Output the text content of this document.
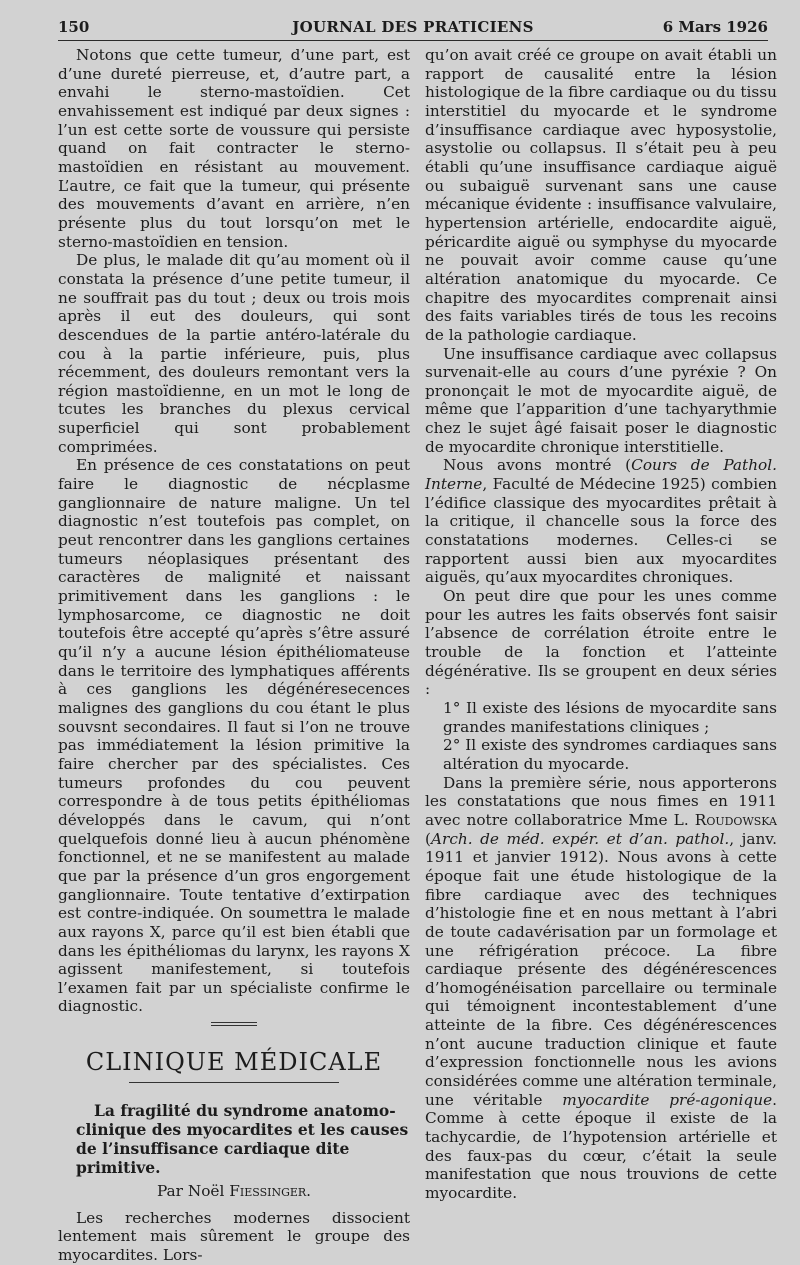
150	JOURNAL DES PRATICIENS	6 Mars 1926

Notons que cette tumeur, d’une part, est d’une dureté pierreuse, et, d’autre part, a envahi le sterno-mastoïdien. Cet envahissement est indiqué par deux signes : l’un est cette sorte de voussure qui persiste quand on fait contracter le sterno-mastoïdien en résistant au mouvement. L’autre, ce fait que la tumeur, qui présente des mouvements d’avant en arrière, n’en présente plus du tout lorsqu’on met le sterno-mastoïdien en tension.

De plus, le malade dit qu’au moment où il constata la présence d’une petite tumeur, il ne souffrait pas du tout ; deux ou trois mois après il eut des douleurs, qui sont descendues de la partie antéro-latérale du cou à la partie inférieure, puis, plus récemment, des douleurs remontant vers la région mastoïdienne, en un mot le long de tcutes les branches du plexus cervical superficiel qui sont probablement comprimées.

En présence de ces constatations on peut faire le diagnostic de nécplasme ganglionnaire de nature maligne. Un tel diagnostic n’est toutefois pas complet, on peut rencontrer dans les ganglions certaines tumeurs néoplasiques présentant des caractères de malignité et naissant primitivement dans les ganglions : le lymphosarcome, ce diagnostic ne doit toutefois être accepté qu’après s’être assuré qu’il n’y a aucune lésion épithéliomateuse dans le territoire des lymphatiques afférents à ces ganglions les dégénéresecences malignes des ganglions du cou étant le plus souvsnt secondaires. Il faut si l’on ne trouve pas immédiatement la lésion primitive la faire chercher par des spécialistes. Ces tumeurs profondes du cou peuvent correspondre à de tous petits épithéliomas développés dans le cavum, qui n’ont quelquefois donné lieu à aucun phénomène fonctionnel, et ne se manifestent au malade que par la présence d’un gros engorgement ganglionnaire. Toute tentative d’extirpation est contre-indiquée. On soumettra le malade aux rayons X, parce qu’il est bien établi que dans les épithéliomas du larynx, les rayons X agissent manifestement, si toutefois l’examen fait par un spécialiste confirme le diagnostic.

CLINIQUE MÉDICALE

La fragilité du syndrome anatomo-clinique des myocardites et les causes de l’insuffisance cardiaque dite primitive.

Par Noël Fiessinger.

Les recherches modernes dissocient lentement mais sûrement le groupe des myocardites. Lors-

qu’on avait créé ce groupe on avait établi un rapport de causalité entre la lésion histologique de la fibre cardiaque ou du tissu interstitiel du myocarde et le syndrome d’insuffisance cardiaque avec hyposystolie, asystolie ou collapsus. Il s’était peu à peu établi qu’une insuffisance cardiaque aiguë ou subaiguë survenant sans une cause mécanique évidente : insuffisance valvulaire, hypertension artérielle, endocardite aiguë, péricardite aiguë ou symphyse du myocarde ne pouvait avoir comme cause qu’une altération anatomique du myocarde. Ce chapitre des myocardites comprenait ainsi des faits variables tirés de tous les recoins de la pathologie cardiaque.

Une insuffisance cardiaque avec collapsus survenait-elle au cours d’une pyréxie ? On prononçait le mot de myocardite aiguë, de même que l’apparition d’une tachyarythmie chez le sujet âgé faisait poser le diagnostic de myocardite chronique interstitielle.

Nous avons montré (Cours de Pathol. Interne, Faculté de Médecine 1925) combien l’édifice classique des myocardites prêtait à la critique, il chancelle sous la force des constatations modernes. Celles-ci se rapportent aussi bien aux myocardites aiguës, qu’aux myocardites chroniques.

On peut dire que pour les unes comme pour les autres les faits observés font saisir l’absence de corrélation étroite entre le trouble de la fonction et l’atteinte dégénérative. Ils se groupent en deux séries :

1° Il existe des lésions de myocardite sans grandes manifestations cliniques ;

2° Il existe des syndromes cardiaques sans altération du myocarde.

Dans la première série, nous apporterons les constatations que nous fimes en 1911 avec notre collaboratrice Mme L. Roudowska (Arch. de méd. expér. et d’an. pathol., janv. 1911 et janvier 1912). Nous avons à cette époque fait une étude histologique de la fibre cardiaque avec des techniques d’histologie fine et en nous mettant à l’abri de toute cadavérisation par un formolage et une réfrigération précoce. La fibre cardiaque présente des dégénérescences d’homogénéisation parcellaire ou terminale qui témoignent incontestablement d’une atteinte de la fibre. Ces dégénérescences n’ont aucune traduction clinique et faute d’expression fonctionnelle nous les avions considérées comme une altération terminale, une véritable myocardite pré-agonique. Comme à cette époque il existe de la tachycardie, de l’hypotension artérielle et des faux-pas du cœur, c’était la seule manifestation que nous trouvions de cette myocardite.
